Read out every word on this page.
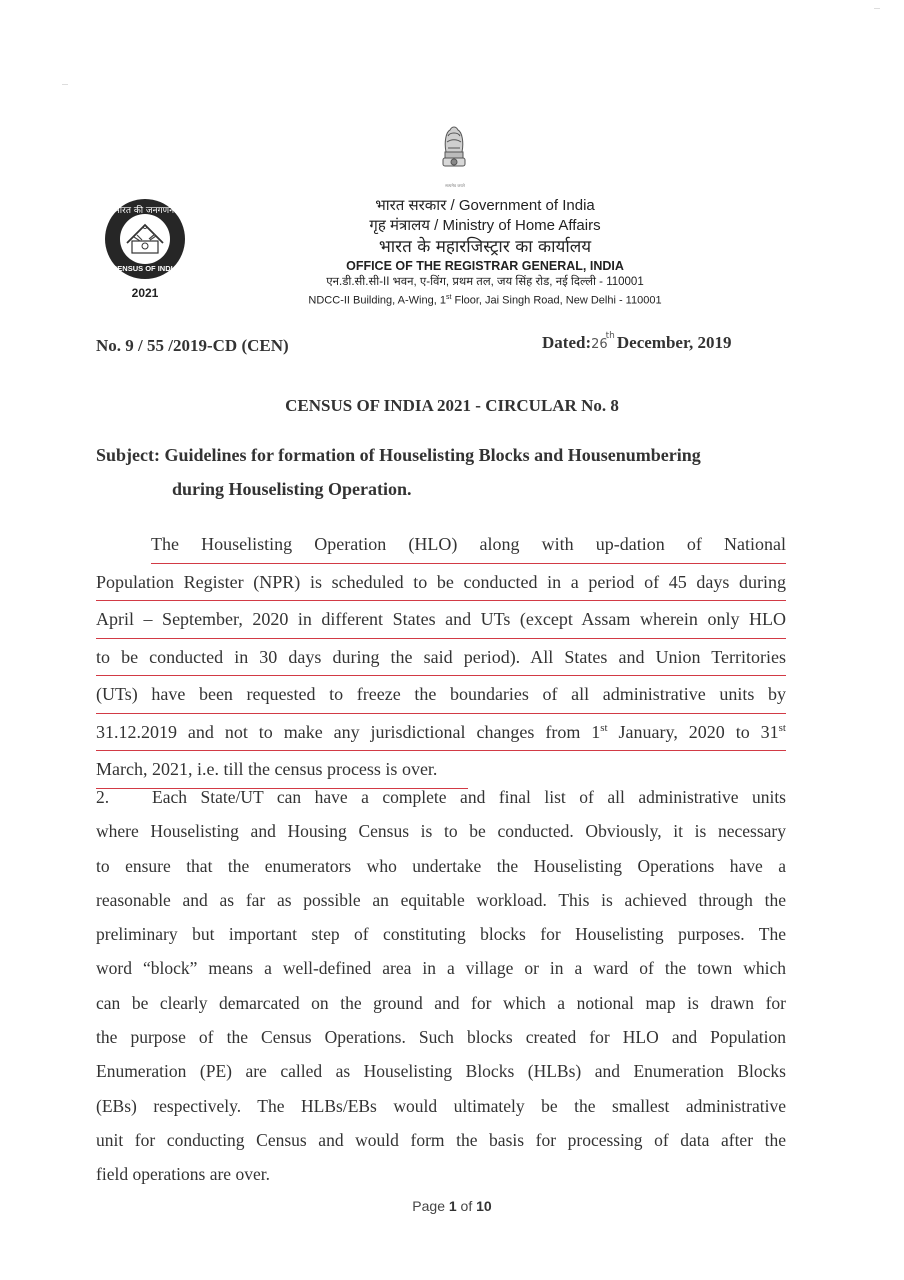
सत्यमेव जयते
भारत की जनगणना
CENSUS OF INDIA
2021
भारत सरकार / Government of India
गृह मंत्रालय / Ministry of Home Affairs
भारत के महारजिस्ट्रार का कार्यालय
OFFICE OF THE REGISTRAR GENERAL, INDIA
एन.डी.सी.सी-II भवन, ए-विंग, प्रथम तल, जय सिंह रोड, नई दिल्ली - 110001
NDCC-II Building, A-Wing, 1st Floor, Jai Singh Road, New Delhi - 110001
No. 9 / 55 /2019-CD (CEN)	Dated:26th December, 2019
CENSUS OF INDIA 2021 - CIRCULAR No. 8
Subject: Guidelines for formation of Houselisting Blocks and Housenumbering
during Houselisting Operation.
The Houselisting Operation (HLO) along with up-dation of National
Population Register (NPR) is scheduled to be conducted in a period of 45 days during
April – September, 2020 in different States and UTs (except Assam wherein only HLO
to be conducted in 30 days during the said period). All States and Union Territories
(UTs) have been requested to freeze the boundaries of all administrative units by
31.12.2019 and not to make any jurisdictional changes from 1st January, 2020 to 31st
March, 2021, i.e. till the census process is over.
2. Each State/UT can have a complete and final list of all administrative units
where Houselisting and Housing Census is to be conducted. Obviously, it is necessary
to ensure that the enumerators who undertake the Houselisting Operations have a
reasonable and as far as possible an equitable workload. This is achieved through the
preliminary but important step of constituting blocks for Houselisting purposes. The
word “block” means a well-defined area in a village or in a ward of the town which
can be clearly demarcated on the ground and for which a notional map is drawn for
the purpose of the Census Operations. Such blocks created for HLO and Population
Enumeration (PE) are called as Houselisting Blocks (HLBs) and Enumeration Blocks
(EBs) respectively. The HLBs/EBs would ultimately be the smallest administrative
unit for conducting Census and would form the basis for processing of data after the
field operations are over.
Page 1 of 10
